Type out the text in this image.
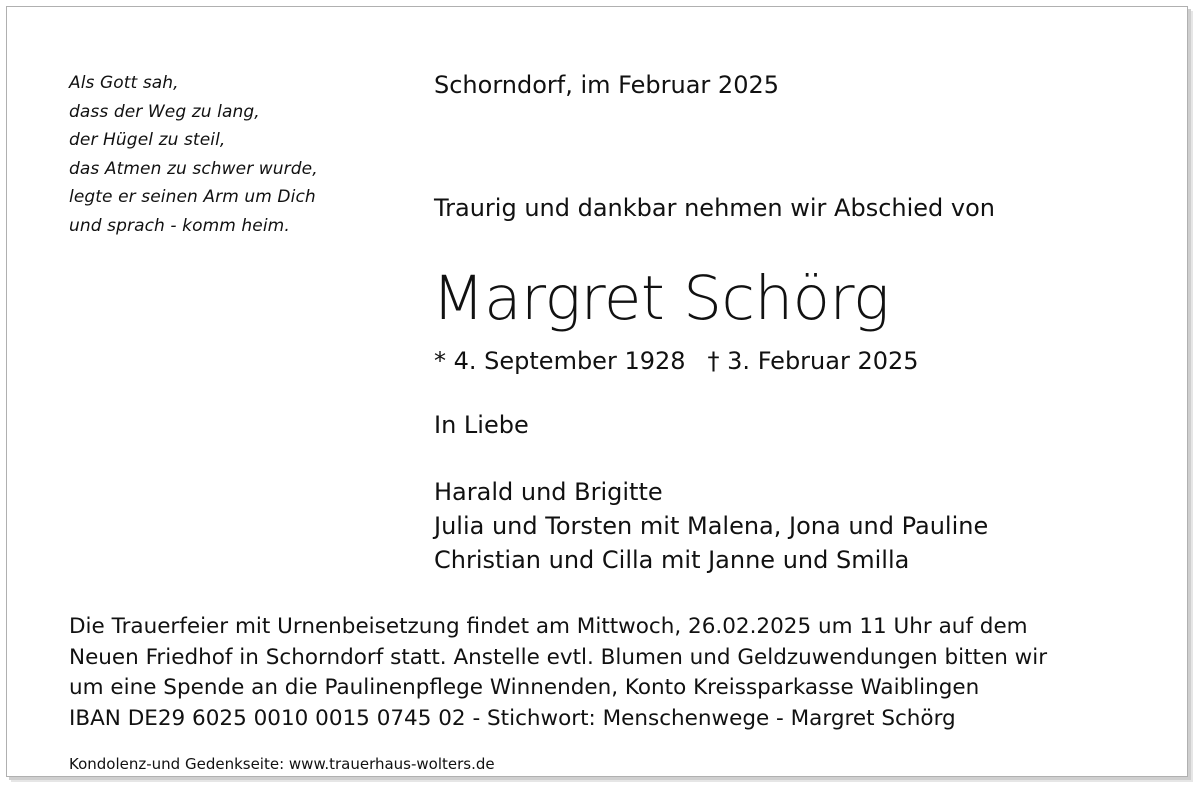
Als Gott sah,
dass der Weg zu lang,
der Hügel zu steil,
das Atmen zu schwer wurde,
legte er seinen Arm um Dich
und sprach - komm heim.
Schorndorf, im Februar 2025
Traurig und dankbar nehmen wir Abschied von
Margret Schörg
* 4. September 1928 † 3. Februar 2025
In Liebe
Harald und Brigitte
Julia und Torsten mit Malena, Jona und Pauline
Christian und Cilla mit Janne und Smilla
Die Trauerfeier mit Urnenbeisetzung findet am Mittwoch, 26.02.2025 um 11 Uhr auf dem
Neuen Friedhof in Schorndorf statt. Anstelle evtl. Blumen und Geldzuwendungen bitten wir
um eine Spende an die Paulinenpflege Winnenden, Konto Kreissparkasse Waiblingen
IBAN DE29 6025 0010 0015 0745 02 - Stichwort: Menschenwege - Margret Schörg
Kondolenz-und Gedenkseite: www.trauerhaus-wolters.de
